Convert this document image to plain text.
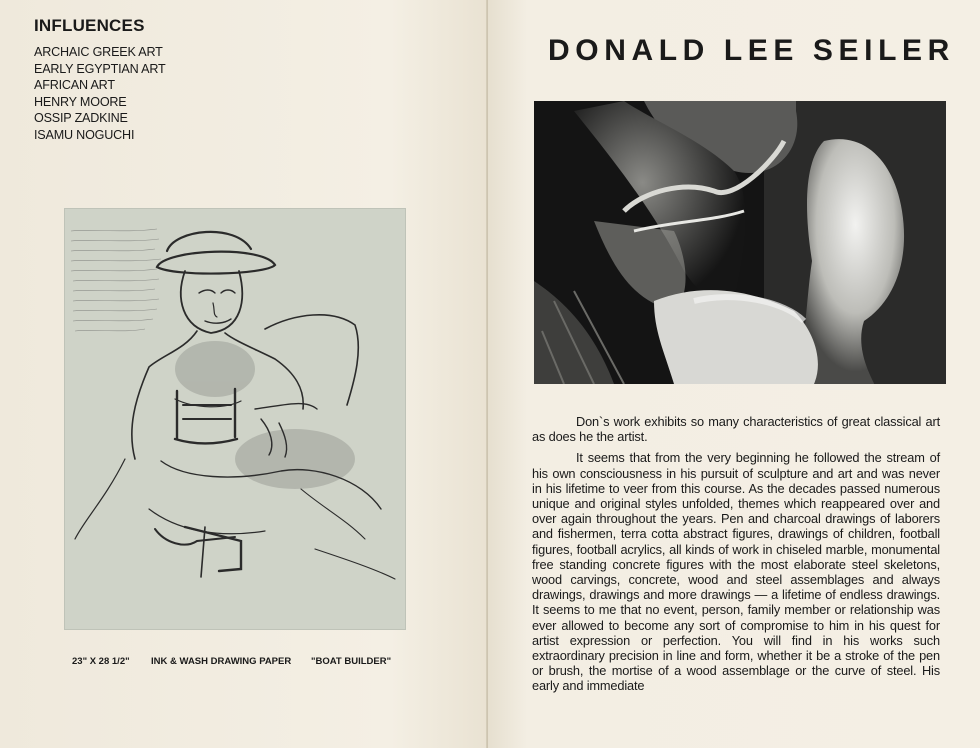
INFLUENCES
ARCHAIC GREEK ART
EARLY EGYPTIAN ART
AFRICAN ART
HENRY MOORE
OSSIP ZADKINE
ISAMU NOGUCHI
23" X 28 1/2" INK & WASH DRAWING PAPER "BOAT BUILDER"
DONALD LEE SEILER

Don`s work exhibits so many characteristics of great classical art as does he the artist.

It seems that from the very beginning he followed the stream of his own consciousness in his pursuit of sculpture and art and was never in his lifetime to veer from this course. As the decades passed numerous unique and original styles unfolded, themes which reappeared over and over again throughout the years. Pen and charcoal drawings of laborers and fishermen, terra cotta abstract figures, drawings of children, football figures, football acrylics, all kinds of work in chiseled marble, monumental free standing concrete figures with the most elaborate steel skeletons, wood carvings, concrete, wood and steel assemblages and always drawings, drawings and more drawings — a lifetime of endless drawings. It seems to me that no event, person, family member or relationship was ever allowed to become any sort of compromise to him in his quest for artist expression or perfection. You will find in his works such extraordinary precision in line and form, whether it be a stroke of the pen or brush, the mortise of a wood assemblage or the curve of steel. His early and immediate
